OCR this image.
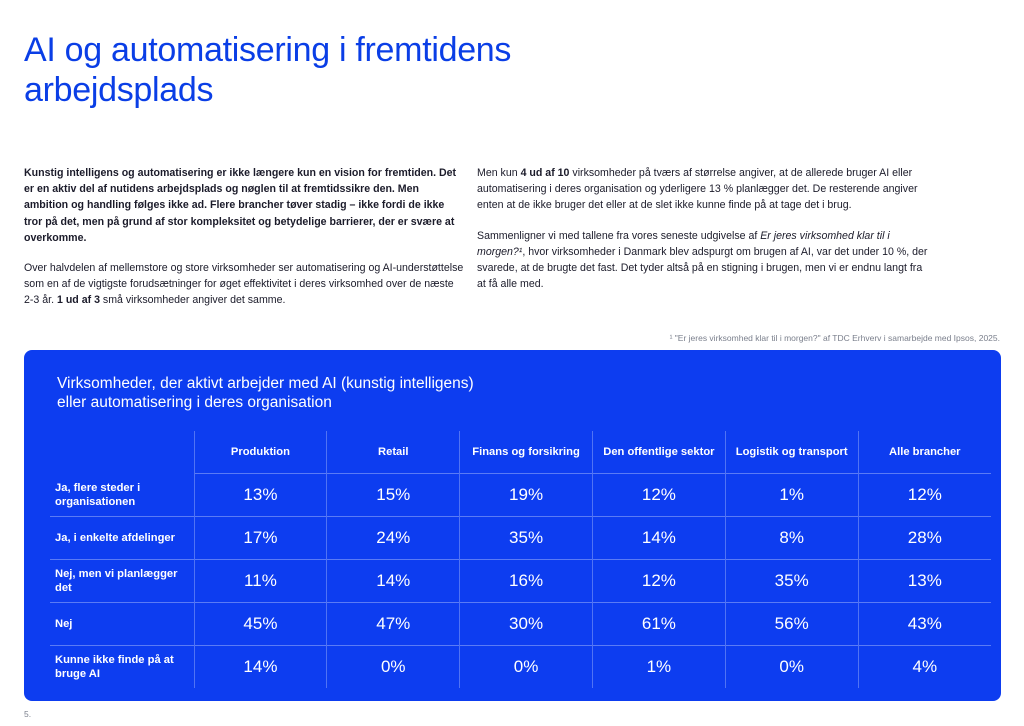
AI og automatisering i fremtidens arbejdsplads

Kunstig intelligens og automatisering er ikke længere kun en vision for fremtiden. Det er en aktiv del af nutidens arbejdsplads og nøglen til at fremtidssikre den. Men ambition og handling følges ikke ad. Flere brancher tøver stadig – ikke fordi de ikke tror på det, men på grund af stor kompleksitet og betydelige barrierer, der er svære at overkomme.

Over halvdelen af mellemstore og store virksomheder ser automatisering og AI-understøttelse som en af de vigtigste forudsætninger for øget effektivitet i deres virksomhed over de næste 2-3 år. 1 ud af 3 små virksomheder angiver det samme.

Men kun 4 ud af 10 virksomheder på tværs af størrelse angiver, at de allerede bruger AI eller automatisering i deres organisation og yderligere 13 % planlægger det. De resterende angiver enten at de ikke bruger det eller at de slet ikke kunne finde på at tage det i brug.

Sammenligner vi med tallene fra vores seneste udgivelse af Er jeres virksomhed klar til i morgen?¹, hvor virksomheder i Danmark blev adspurgt om brugen af AI, var det under 10 %, der svarede, at de brugte det fast. Det tyder altså på en stigning i brugen, men vi er endnu langt fra at få alle med.

¹ "Er jeres virksomhed klar til i morgen?" af TDC Erhverv i samarbejde med Ipsos, 2025.
Virksomheder, der aktivt arbejder med AI (kunstig intelligens) eller automatisering i deres organisation
	Produktion	Retail	Finans og forsikring	Den offentlige sektor	Logistik og transport	Alle brancher
Ja, flere steder i organisationen	13%	15%	19%	12%	1%	12%
Ja, i enkelte afdelinger	17%	24%	35%	14%	8%	28%
Nej, men vi planlægger det	11%	14%	16%	12%	35%	13%
Nej	45%	47%	30%	61%	56%	43%
Kunne ikke finde på at bruge AI	14%	0%	0%	1%	0%	4%
5.
